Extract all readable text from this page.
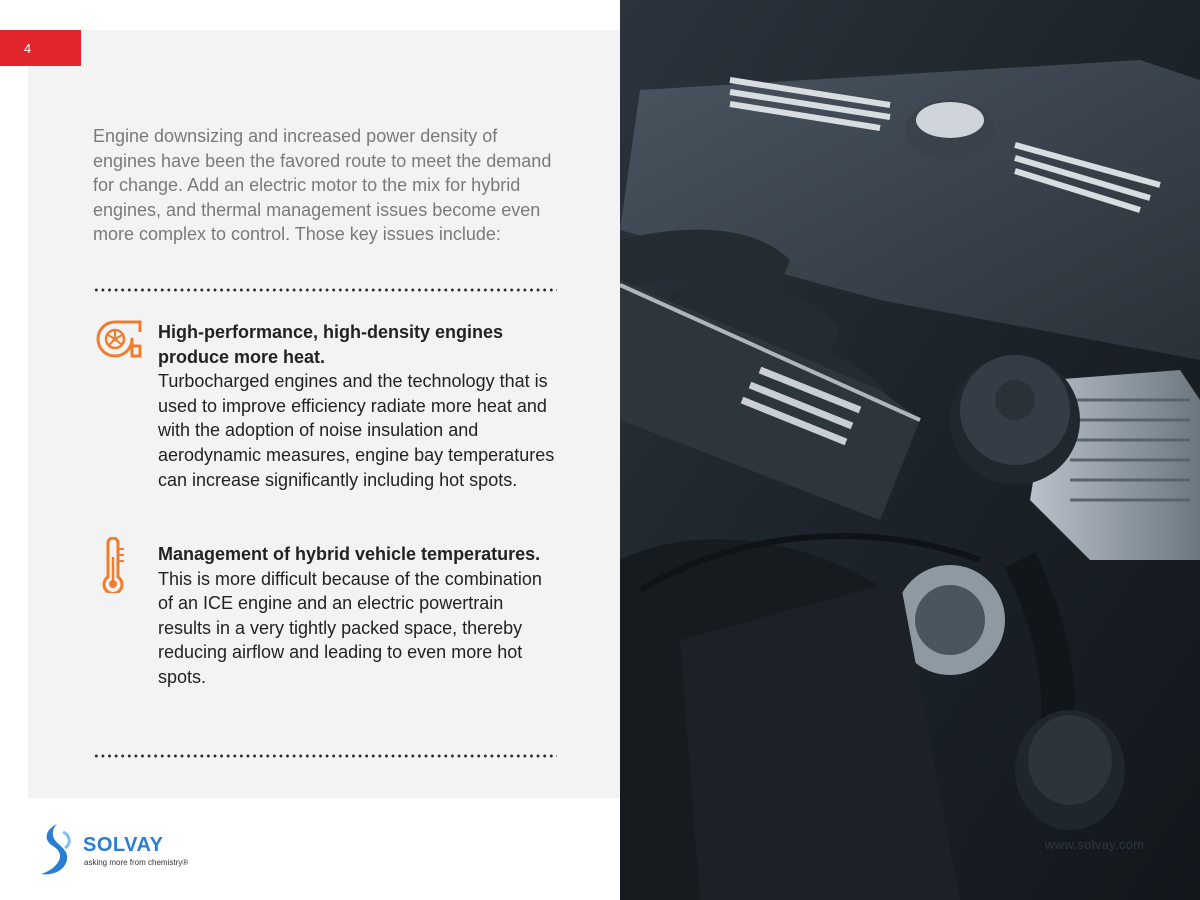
4

Engine downsizing and increased power density of engines have been the favored route to meet the demand for change. Add an electric motor to the mix for hybrid engines, and thermal management issues become even more complex to control. Those key issues include:

High-performance, high-density engines produce more heat.
Turbocharged engines and the technology that is used to improve efficiency radiate more heat and with the adoption of noise insulation and aerodynamic measures, engine bay temperatures can increase significantly including hot spots.
Management of hybrid vehicle temperatures.
This is more difficult because of the combination of an ICE engine and an electric powertrain results in a very tightly packed space, thereby reducing airflow and leading to even more hot spots.
www.solvay.com
SOLVAY
asking more from chemistry®
